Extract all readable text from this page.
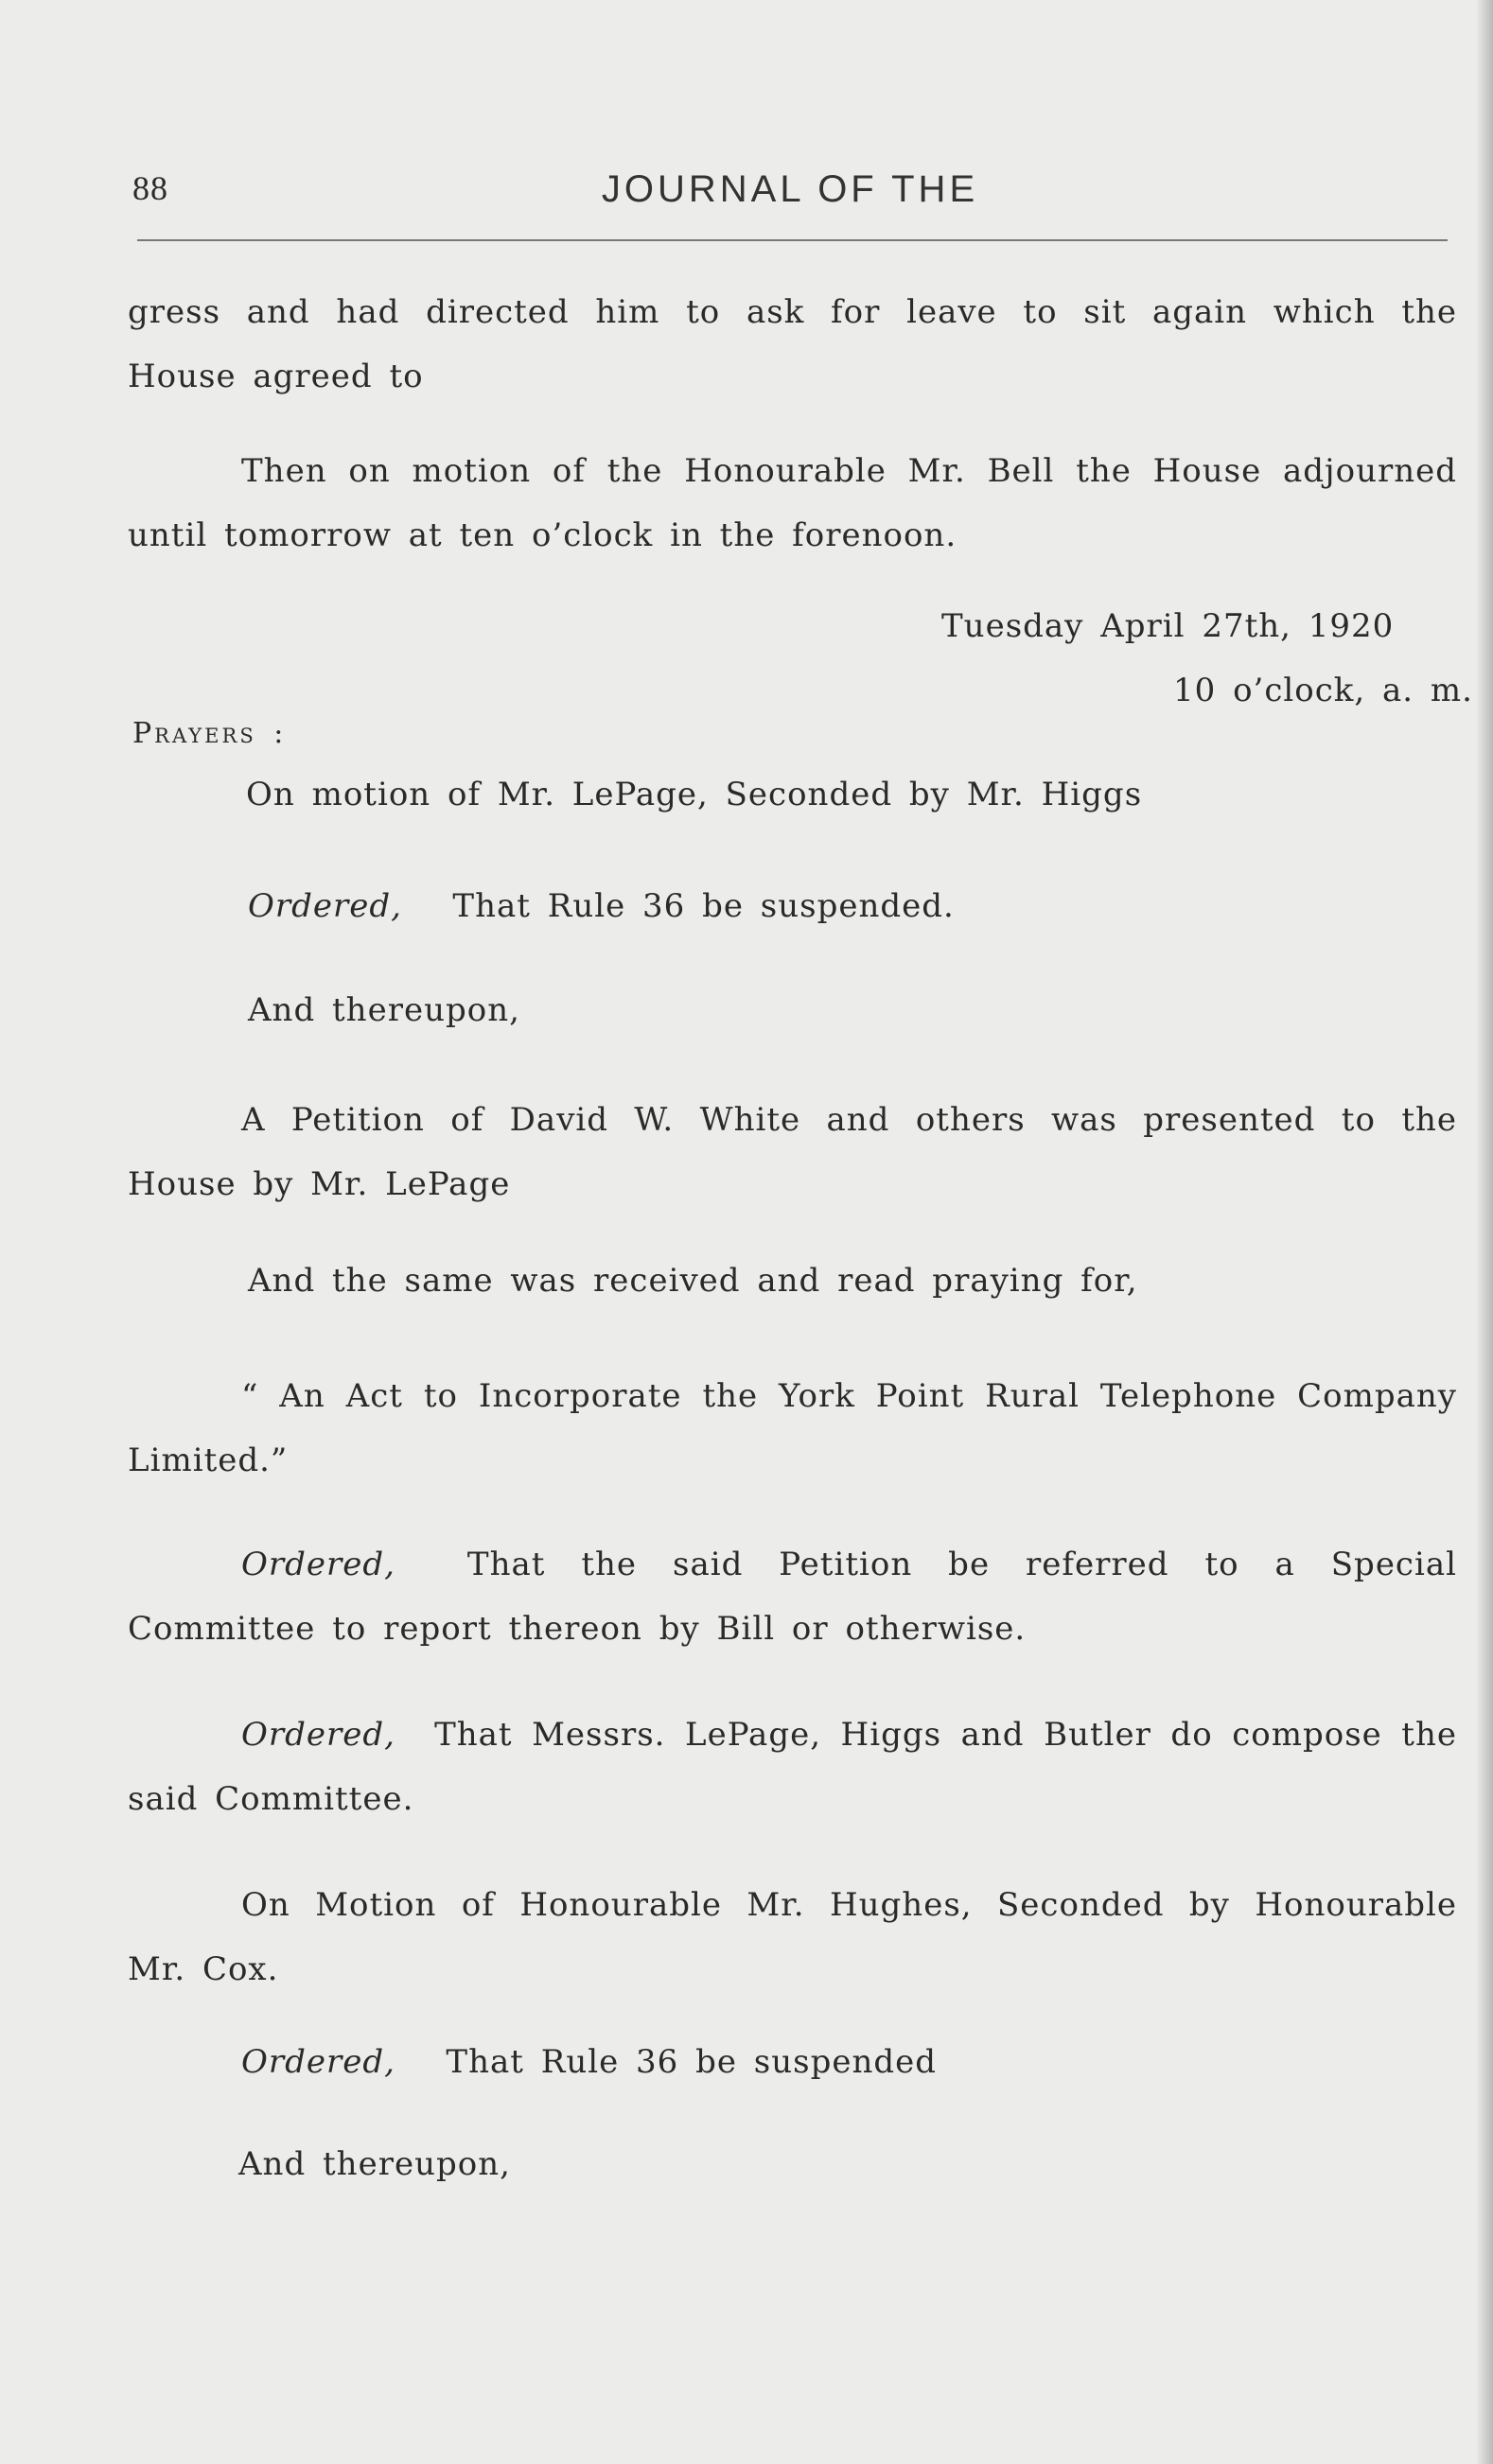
88	JOURNAL OF THE
gress and had directed him to ask for leave to sit again which the House agreed to
Then on motion of the Honourable Mr. Bell the House adjourned until tomorrow at ten o’clock in the forenoon.
Tuesday April 27th, 1920
10 o’clock, a. m.
Prayers :
On motion of Mr. LePage, Seconded by Mr. Higgs
Ordered, That Rule 36 be suspended.
And thereupon,
A Petition of David W. White and others was presented to the House by Mr. LePage
And the same was received and read praying for,
“ An Act to Incorporate the York Point Rural Telephone Company Limited.”
Ordered, That the said Petition be referred to a Special Committee to report thereon by Bill or otherwise.
Ordered, That Messrs. LePage, Higgs and Butler do compose the said Committee.
On Motion of Honourable Mr. Hughes, Seconded by Honourable Mr. Cox.
Ordered, That Rule 36 be suspended
And thereupon,
